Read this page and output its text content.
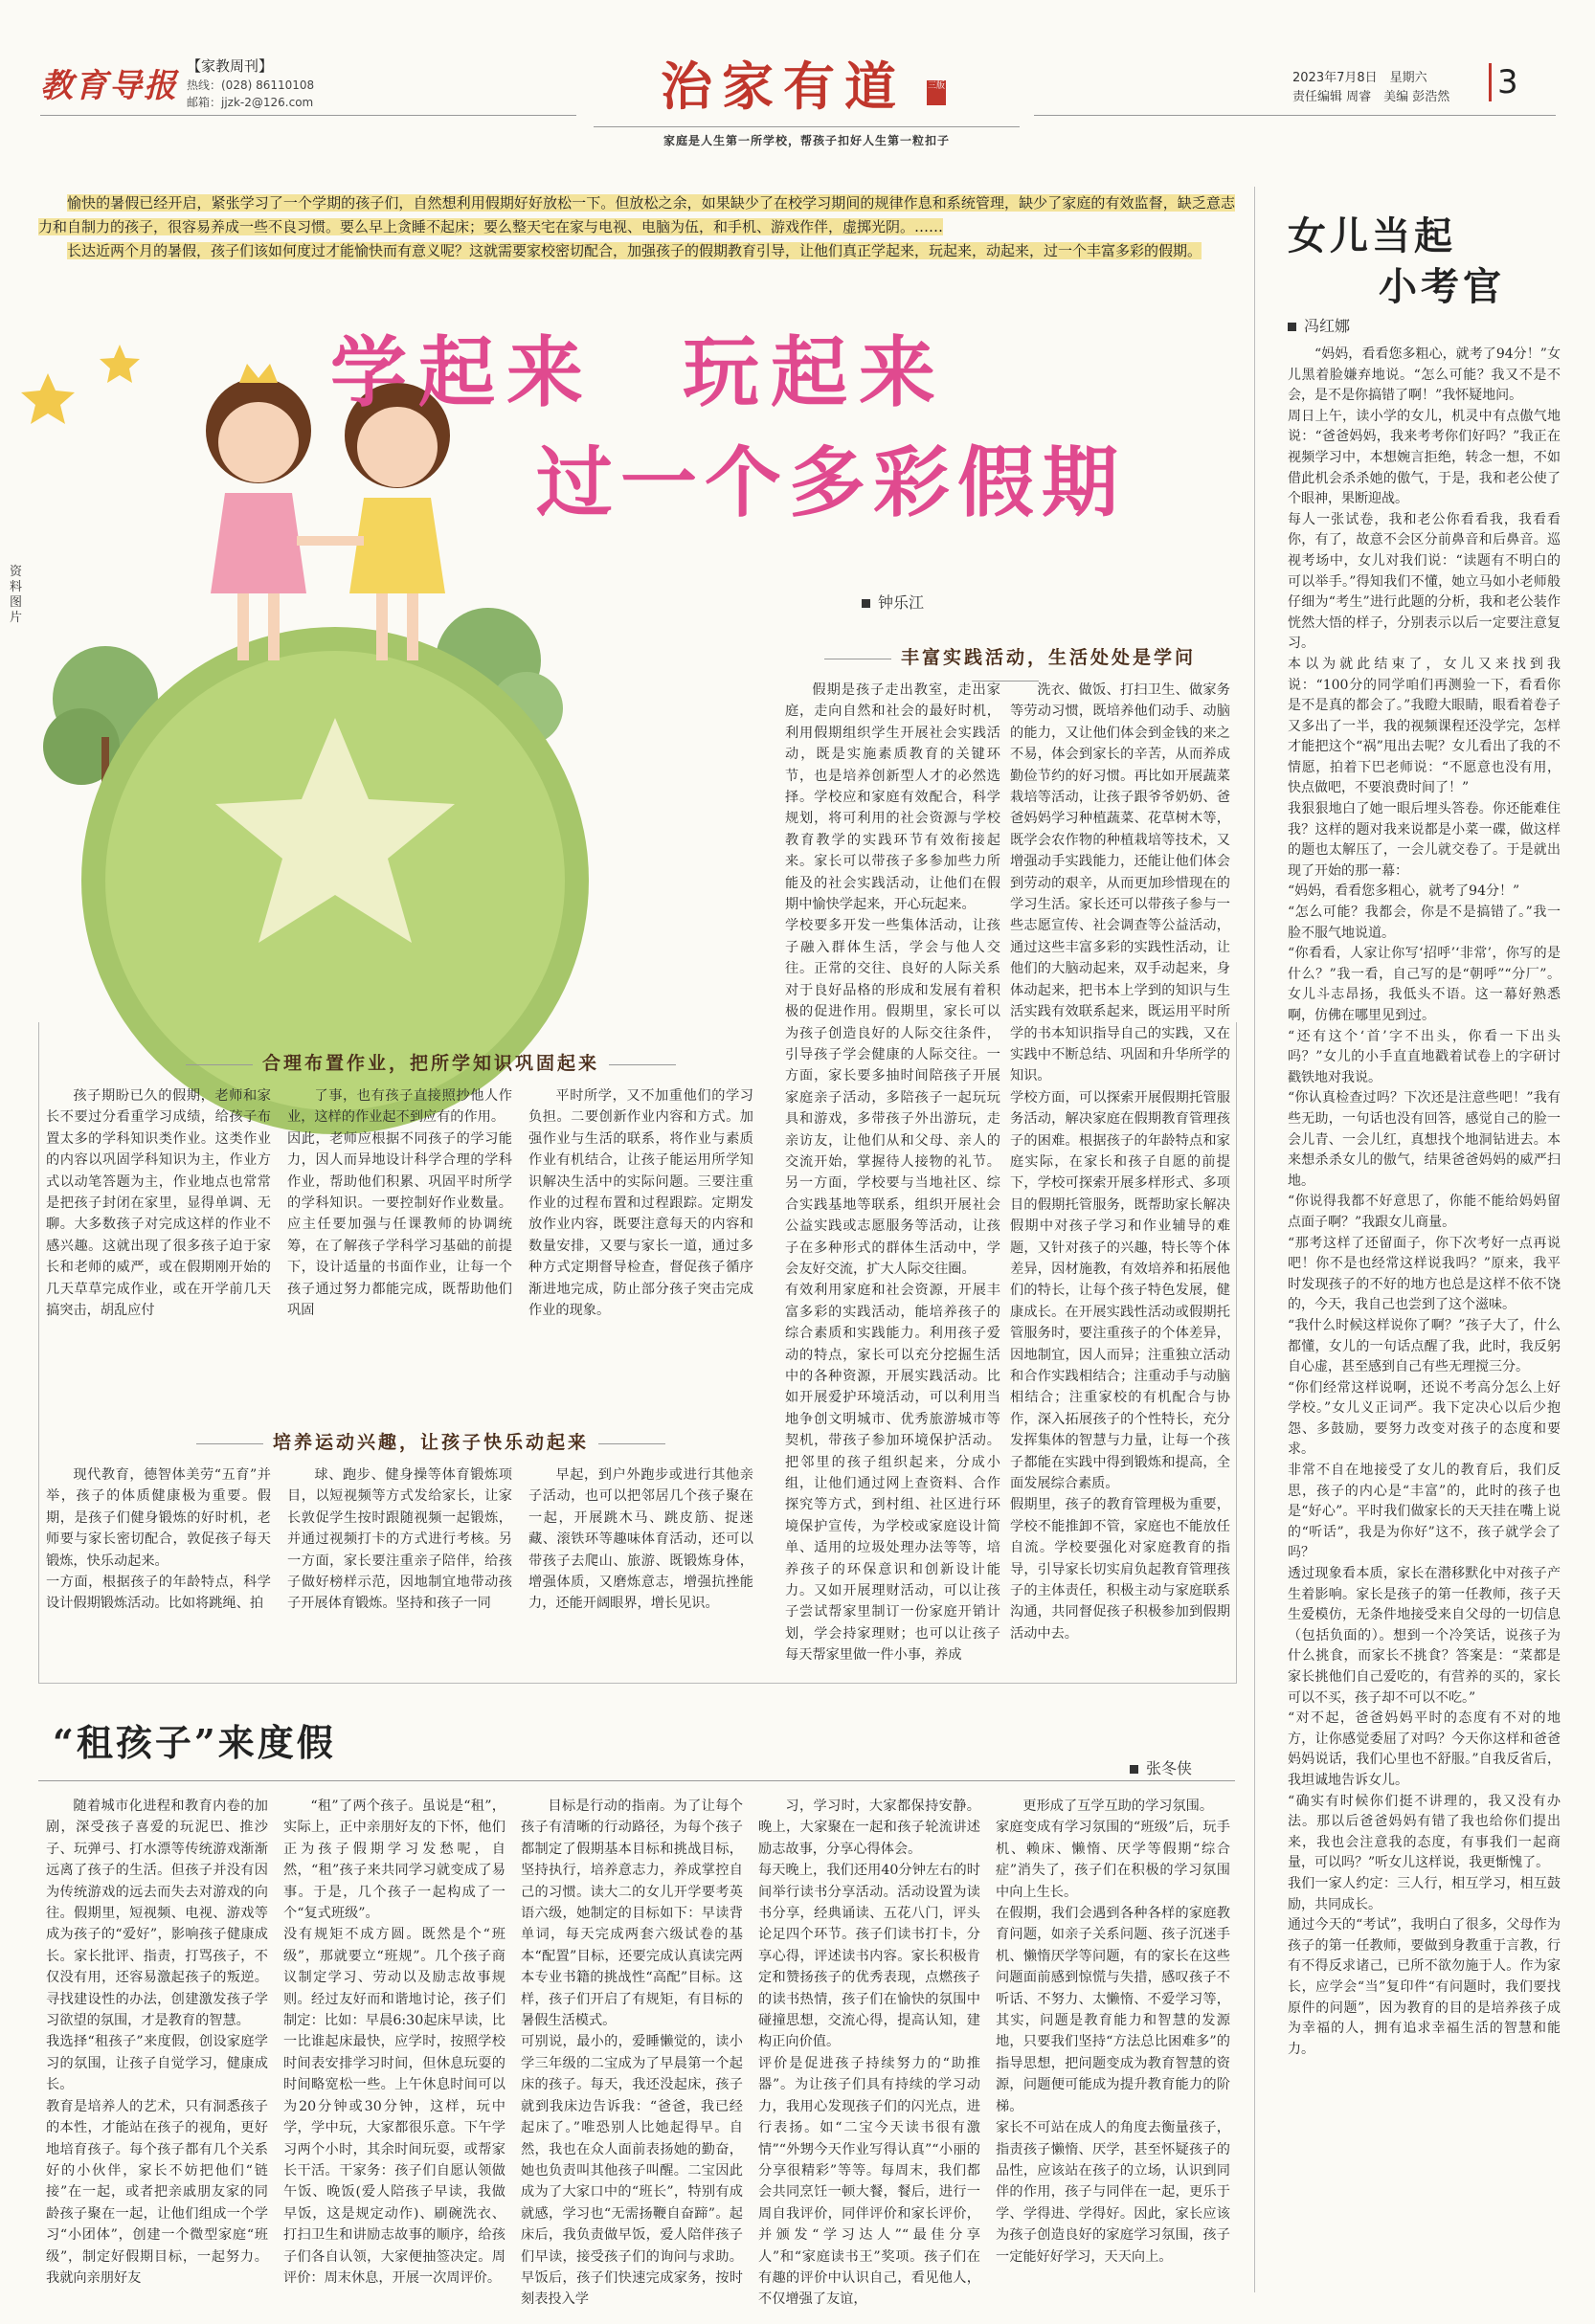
教育导报
【家教周刊】
热线：(028) 86110108
邮箱：jjzk-2@126.com	治家有道	三版
家庭是人生第一所学校，帮孩子扣好人生第一粒扣子
2023年7月8日　星期六
责任编辑 周睿　美编 彭浩然 3

愉快的暑假已经开启，紧张学习了一个学期的孩子们，自然想利用假期好好放松一下。但放松之余，如果缺少了在校学习期间的规律作息和系统管理，缺少了家庭的有效监督，缺乏意志力和自制力的孩子，很容易养成一些不良习惯。要么早上贪睡不起床；要么整天宅在家与电视、电脑为伍，和手机、游戏作伴，虚掷光阴。……

长达近两个月的暑假，孩子们该如何度过才能愉快而有意义呢？这就需要家校密切配合，加强孩子的假期教育引导，让他们真正学起来，玩起来，动起来，过一个丰富多彩的假期。

资料图片
学起来　玩起来
过一个多彩假期
钟乐江
丰富实践活动，生活处处是学问
假期是孩子走出教室，走出家庭，走向自然和社会的最好时机，利用假期组织学生开展社会实践活动，既是实施素质教育的关键环节，也是培养创新型人才的必然选择。学校应和家庭有效配合，科学规划，将可利用的社会资源与学校教育教学的实践环节有效衔接起来。家长可以带孩子多参加些力所能及的社会实践活动，让他们在假期中愉快学起来，开心玩起来。
学校要多开发一些集体活动，让孩子融入群体生活，学会与他人交往。正常的交往、良好的人际关系对于良好品格的形成和发展有着积极的促进作用。假期里，家长可以为孩子创造良好的人际交往条件，引导孩子学会健康的人际交往。一方面，家长要多抽时间陪孩子开展家庭亲子活动，多陪孩子一起玩玩具和游戏，多带孩子外出游玩，走亲访友，让他们从和父母、亲人的交流开始，掌握待人接物的礼节。另一方面，学校要与当地社区、综合实践基地等联系，组织开展社会公益实践或志愿服务等活动，让孩子在多种形式的群体生活动中，学会友好交流，扩大人际交往圈。
有效利用家庭和社会资源，开展丰富多彩的实践活动，能培养孩子的综合素质和实践能力。利用孩子爱动的特点，家长可以充分挖掘生活中的各种资源，开展实践活动。比如开展爱护环境活动，可以利用当地争创文明城市、优秀旅游城市等契机，带孩子参加环境保护活动。把邻里的孩子组织起来，分成小组，让他们通过网上查资料、合作探究等方式，到村组、社区进行环境保护宣传，为学校或家庭设计简单、适用的垃圾处理办法等等，培养孩子的环保意识和创新设计能力。又如开展理财活动，可以让孩子尝试帮家里制订一份家庭开销计划，学会持家理财；也可以让孩子每天帮家里做一件小事，养成
洗衣、做饭、打扫卫生、做家务等劳动习惯，既培养他们动手、动脑的能力，又让他们体会到金钱的来之不易，体会到家长的辛苦，从而养成勤俭节约的好习惯。再比如开展蔬菜栽培等活动，让孩子跟爷爷奶奶、爸爸妈妈学习种植蔬菜、花草树木等，既学会农作物的种植栽培等技术，又增强动手实践能力，还能让他们体会到劳动的艰辛，从而更加珍惜现在的学习生活。家长还可以带孩子参与一些志愿宣传、社会调查等公益活动，通过这些丰富多彩的实践性活动，让他们的大脑动起来，双手动起来，身体动起来，把书本上学到的知识与生活实践有效联系起来，既运用平时所学的书本知识指导自己的实践，又在实践中不断总结、巩固和升华所学的知识。
学校方面，可以探索开展假期托管服务活动，解决家庭在假期教育管理孩子的困难。根据孩子的年龄特点和家庭实际，在家长和孩子自愿的前提下，学校可探索开展多样形式、多项目的假期托管服务，既帮助家长解决假期中对孩子学习和作业辅导的难题，又针对孩子的兴趣，特长等个体差异，因材施教，有效培养和拓展他们的特长，让每个孩子特色发展，健康成长。在开展实践性活动或假期托管服务时，要注重孩子的个体差异，因地制宜，因人而异；注重独立活动和合作实践相结合；注重动手与动脑相结合；注重家校的有机配合与协作，深入拓展孩子的个性特长，充分发挥集体的智慧与力量，让每一个孩子都能在实践中得到锻炼和提高，全面发展综合素质。
假期里，孩子的教育管理极为重要，学校不能推卸不管，家庭也不能放任自流。学校要强化对家庭教育的指导，引导家长切实肩负起教育管理孩子的主体责任，积极主动与家庭联系沟通，共同督促孩子积极参加到假期活动中去。
合理布置作业，把所学知识巩固起来
孩子期盼已久的假期，老师和家长不要过分看重学习成绩，给孩子布置太多的学科知识类作业。这类作业的内容以巩固学科知识为主，作业方式以动笔答题为主，作业地点也常常是把孩子封闭在家里，显得单调、无聊。大多数孩子对完成这样的作业不感兴趣。这就出现了很多孩子迫于家长和老师的威严，或在假期刚开始的几天草草完成作业，或在开学前几天搞突击，胡乱应付
了事，也有孩子直接照抄他人作业，这样的作业起不到应有的作用。
因此，老师应根据不同孩子的学习能力，因人而异地设计科学合理的学科作业，帮助他们积累、巩固平时所学的学科知识。一要控制好作业数量。应主任要加强与任课教师的协调统筹，在了解孩子学科学习基础的前提下，设计适量的书面作业，让每一个孩子通过努力都能完成，既帮助他们巩固
平时所学，又不加重他们的学习负担。二要创新作业内容和方式。加强作业与生活的联系，将作业与素质作业有机结合，让孩子能运用所学知识解决生活中的实际问题。三要注重作业的过程布置和过程跟踪。定期发放作业内容，既要注意每天的内容和数量安排，又要与家长一道，通过多种方式定期督导检查，督促孩子循序渐进地完成，防止部分孩子突击完成作业的现象。
培养运动兴趣，让孩子快乐动起来
现代教育，德智体美劳“五育”并举，孩子的体质健康极为重要。假期，是孩子们健身锻炼的好时机，老师要与家长密切配合，敦促孩子每天锻炼，快乐动起来。
一方面，根据孩子的年龄特点，科学设计假期锻炼活动。比如将跳绳、拍
球、跑步、健身操等体育锻炼项目，以短视频等方式发给家长，让家长敦促学生按时跟随视频一起锻炼，并通过视频打卡的方式进行考核。另一方面，家长要注重亲子陪伴，给孩子做好榜样示范，因地制宜地带动孩子开展体育锻炼。坚持和孩子一同
早起，到户外跑步或进行其他亲子活动，也可以把邻居几个孩子聚在一起，开展跳木马、跳皮筋、捉迷藏、滚铁环等趣味体育活动，还可以带孩子去爬山、旅游、既锻炼身体，增强体质，又磨炼意志，增强抗挫能力，还能开阔眼界，增长见识。
女儿当起
小考官
冯红娜
“妈妈，看看您多粗心，就考了94分！”女儿黑着脸嫌弃地说。“怎么可能？我又不是不会，是不是你搞错了啊！”我怀疑地问。
周日上午，读小学的女儿，机灵中有点傲气地说：“爸爸妈妈，我来考考你们好吗？”我正在视频学习中，本想婉言拒绝，转念一想，不如借此机会杀杀她的傲气，于是，我和老公使了个眼神，果断迎战。
每人一张试卷，我和老公你看看我，我看看你，有了，故意不会区分前鼻音和后鼻音。巡视考场中，女儿对我们说：“读题有不明白的可以举手。”得知我们不懂，她立马如小老师般仔细为“考生”进行此题的分析，我和老公装作恍然大悟的样子，分别表示以后一定要注意复习。
本以为就此结束了，女儿又来找到我说：“100分的同学咱们再测验一下，看看你是不是真的都会了。”我瞪大眼睛，眼看着卷子又多出了一半，我的视频课程还没学完，怎样才能把这个“祸”甩出去呢？女儿看出了我的不情愿，拍着下巴老师说：“不愿意也没有用，快点做吧，不要浪费时间了！”
我狠狠地白了她一眼后埋头答卷。你还能难住我？这样的题对我来说都是小菜一碟，做这样的题也太解压了，一会儿就交卷了。于是就出现了开始的那一幕：
“妈妈，看看您多粗心，就考了94分！”
“怎么可能？我都会，你是不是搞错了。”我一脸不服气地说道。
“你看看，人家让你写‘招呼’‘非常’，你写的是什么？”我一看，自己写的是“朝呼”“分厂”。女儿斗志昂扬，我低头不语。这一幕好熟悉啊，仿佛在哪里见到过。
“还有这个‘首’字不出头，你看一下出头吗？”女儿的小手直直地戳着试卷上的字研讨戳铁地对我说。
“你认真检查过吗？下次还是注意些吧！”我有些无助，一句话也没有回答，感觉自己的脸一会儿青、一会儿红，真想找个地洞钻进去。本来想杀杀女儿的傲气，结果爸爸妈妈的威严扫地。
“你说得我都不好意思了，你能不能给妈妈留点面子啊？”我跟女儿商量。
“那考这样了还留面子，你下次考好一点再说吧！你不是也经常这样说我吗？”原来，我平时发现孩子的不好的地方也总是这样不依不饶的，今天，我自己也尝到了这个滋味。
“我什么时候这样说你了啊？”孩子大了，什么都懂，女儿的一句话点醒了我，此时，我反躬自心虚，甚至感到自己有些无理搅三分。
“你们经常这样说啊，还说不考高分怎么上好学校。”女儿义正词严。我下定决心以后少抱怨、多鼓励，要努力改变对孩子的态度和要求。
非常不自在地接受了女儿的教育后，我们反思，孩子的内心是“丰富”的，此时的孩子也是“好心”。平时我们做家长的天天挂在嘴上说的“听话”，我是为你好”这不，孩子就学会了吗？
透过现象看本质，家长在潜移默化中对孩子产生着影响。家长是孩子的第一任教师，孩子天生爱模仿，无条件地接受来自父母的一切信息（包括负面的）。想到一个冷笑话，说孩子为什么挑食，而家长不挑食？答案是：“菜都是家长挑他们自己爱吃的，有营养的买的，家长可以不买，孩子却不可以不吃。”
“对不起，爸爸妈妈平时的态度有不对的地方，让你感觉委屈了对吗？今天你这样和爸爸妈妈说话，我们心里也不舒服。”自我反省后，我坦诚地告诉女儿。
“确实有时候你们挺不讲理的，我又没有办法。那以后爸爸妈妈有错了我也给你们提出来，我也会注意我的态度，有事我们一起商量，可以吗？”听女儿这样说，我更惭愧了。
我们一家人约定：三人行，相互学习，相互鼓励，共同成长。
通过今天的“考试”，我明白了很多，父母作为孩子的第一任教师，要做到身教重于言教，行有不得反求诸己，已所不欲勿施于人。作为家长，应学会“当”复印件“有问题时，我们要找原件的问题”，因为教育的目的是培养孩子成为幸福的人，拥有追求幸福生活的智慧和能力。
“租孩子”来度假
张冬侠
随着城市化进程和教育内卷的加剧，深受孩子喜爱的玩泥巴、推沙子、玩弹弓、打水漂等传统游戏渐渐远离了孩子的生活。但孩子并没有因为传统游戏的远去而失去对游戏的向往。假期里，短视频、电视、游戏等成为孩子的“爱好”，影响孩子健康成长。家长批评、指责，打骂孩子，不仅没有用，还容易激起孩子的叛逆。寻找建设性的办法，创建激发孩子学习欲望的氛围，才是教育的智慧。
我选择“租孩子”来度假，创设家庭学习的氛围，让孩子自觉学习，健康成长。
教育是培养人的艺术，只有洞悉孩子的本性，才能站在孩子的视角，更好地培育孩子。每个孩子都有几个关系好的小伙伴，家长不妨把他们“链接”在一起，或者把亲戚朋友家的同龄孩子聚在一起，让他们组成一个学习“小团体”，创建一个微型家庭“班级”，制定好假期目标，一起努力。我就向亲朋好友
“租”了两个孩子。虽说是“租”，实际上，正中亲朋好友的下怀，他们正为孩子假期学习发愁呢，自然，“租”孩子来共同学习就变成了易事。于是，几个孩子一起构成了一个“复式班级”。
没有规矩不成方圆。既然是个“班级”，那就要立“班规”。几个孩子商议制定学习、劳动以及励志故事规则。经过友好而和谐地讨论，孩子们制定：比如：早晨6:30起床早读，比一比谁起床最快，应学时，按照学校时间表安排学习时间，但休息玩耍的时间略宽松一些。上午休息时间可以为20分钟或30分钟，这样，玩中学，学中玩，大家都很乐意。下午学习两个小时，其余时间玩耍，或帮家长干活。干家务：孩子们自愿认领做午饭、晚饭(爱人陪孩子早读，我做早饭，这是规定动作)、刷碗洗衣、打扫卫生和讲励志故事的顺序，给孩子们各自认领，大家便抽签决定。周评价：周末休息，开展一次周评价。
目标是行动的指南。为了让每个孩子有清晰的行动路径，为每个孩子都制定了假期基本目标和挑战目标，坚持执行，培养意志力，养成掌控自己的习惯。读大二的女儿开学要考英语六级，她制定的目标如下：早读背单词，每天完成两套六级试卷的基本“配置”目标，还要完成认真读完两本专业书籍的挑战性“高配”目标。这样，孩子们开启了有规矩，有目标的暑假生活模式。
可别说，最小的，爱睡懒觉的，读小学三年级的二宝成为了早晨第一个起床的孩子。每天，我还没起床，孩子就到我床边告诉我：“爸爸，我已经起床了。”唯恐别人比她起得早。自然，我也在众人面前表扬她的勤奋，她也负责叫其他孩子叫醒。二宝因此成为了大家口中的“班长”，特别有成就感，学习也“无需扬鞭自奋蹄”。起床后，我负责做早饭，爱人陪伴孩子们早读，接受孩子们的询问与求助。早饭后，孩子们快速完成家务，按时刻表投入学
习，学习时，大家都保持安静。晚上，大家聚在一起和孩子轮流讲述励志故事，分享心得体会。
每天晚上，我们还用40分钟左右的时间举行读书分享活动。活动设置为读书分享，经典诵读、五花八门，评头论足四个环节。孩子们读书打卡，分享心得，评述读书内容。家长积极肯定和赞扬孩子的优秀表现，点燃孩子的读书热情，孩子们在愉快的氛围中碰撞思想，交流心得，提高认知，建构正向价值。
评价是促进孩子持续努力的“助推器”。为让孩子们具有持续的学习动力，我用心发现孩子们的闪光点，进行表扬。如“二宝今天读书很有激情”“外甥今天作业写得认真”“小丽的分享很精彩”等等。每周末，我们都会共同烹饪一顿大餐，餐后，进行一周自我评价，同伴评价和家长评价，并颁发“学习达人”“最佳分享人”和“家庭读书王”奖项。孩子们在有趣的评价中认识自己，看见他人，不仅增强了友谊，
更形成了互学互助的学习氛围。
家庭变成有学习氛围的“班级”后，玩手机、赖床、懒惰、厌学等假期“综合症”消失了，孩子们在积极的学习氛围中向上生长。
在假期，我们会遇到各种各样的家庭教育问题，如亲子关系问题、孩子沉迷手机、懒惰厌学等问题，有的家长在这些问题面前感到惊慌与失措，感叹孩子不听话、不努力、太懒惰、不爱学习等，其实，问题是教育能力和智慧的发源地，只要我们坚持“方法总比困难多”的指导思想，把问题变成为教育智慧的资源，问题便可能成为提升教育能力的阶梯。
家长不可站在成人的角度去衡量孩子，指责孩子懒惰、厌学，甚至怀疑孩子的品性，应该站在孩子的立场，认识到同伴的作用，孩子与同伴在一起，更乐于学、学得进、学得好。因此，家长应该为孩子创造良好的家庭学习氛围，孩子一定能好好学习，天天向上。
